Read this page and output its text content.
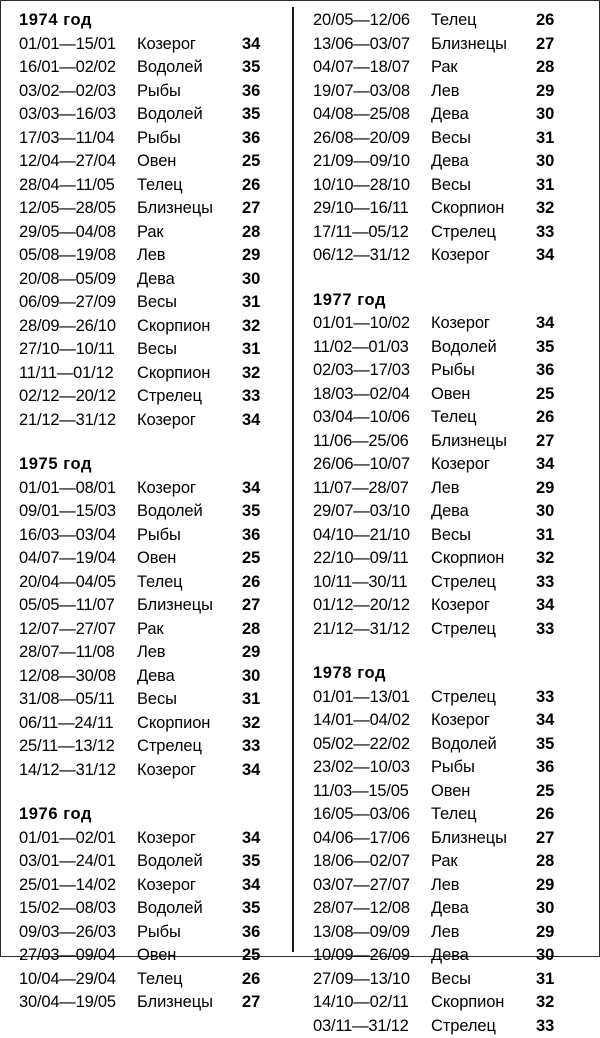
1974 год
01/01—15/01	Козерог	34
16/01—02/02	Водолей	35
03/02—02/03	Рыбы	36
03/03—16/03	Водолей	35
17/03—11/04	Рыбы	36
12/04—27/04	Овен	25
28/04—11/05	Телец	26
12/05—28/05	Близнецы	27
29/05—04/08	Рак	28
05/08—19/08	Лев	29
20/08—05/09	Дева	30
06/09—27/09	Весы	31
28/09—26/10	Скорпион	32
27/10—10/11	Весы	31
11/11—01/12	Скорпион	32
02/12—20/12	Стрелец	33
21/12—31/12	Козерог	34
1975 год
01/01—08/01	Козерог	34
09/01—15/03	Водолей	35
16/03—03/04	Рыбы	36
04/07—19/04	Овен	25
20/04—04/05	Телец	26
05/05—11/07	Близнецы	27
12/07—27/07	Рак	28
28/07—11/08	Лев	29
12/08—30/08	Дева	30
31/08—05/11	Весы	31
06/11—24/11	Скорпион	32
25/11—13/12	Стрелец	33
14/12—31/12	Козерог	34
1976 год
01/01—02/01	Козерог	34
03/01—24/01	Водолей	35
25/01—14/02	Козерог	34
15/02—08/03	Водолей	35
09/03—26/03	Рыбы	36
27/03—09/04	Овен	25
10/04—29/04	Телец	26
30/04—19/05	Близнецы	27
20/05—12/06	Телец	26
13/06—03/07	Близнецы	27
04/07—18/07	Рак	28
19/07—03/08	Лев	29
04/08—25/08	Дева	30
26/08—20/09	Весы	31
21/09—09/10	Дева	30
10/10—28/10	Весы	31
29/10—16/11	Скорпион	32
17/11—05/12	Стрелец	33
06/12—31/12	Козерог	34
1977 год
01/01—10/02	Козерог	34
11/02—01/03	Водолей	35
02/03—17/03	Рыбы	36
18/03—02/04	Овен	25
03/04—10/06	Телец	26
11/06—25/06	Близнецы	27
26/06—10/07	Козерог	34
11/07—28/07	Лев	29
29/07—03/10	Дева	30
04/10—21/10	Весы	31
22/10—09/11	Скорпион	32
10/11—30/11	Стрелец	33
01/12—20/12	Козерог	34
21/12—31/12	Стрелец	33
1978 год
01/01—13/01	Стрелец	33
14/01—04/02	Козерог	34
05/02—22/02	Водолей	35
23/02—10/03	Рыбы	36
11/03—15/05	Овен	25
16/05—03/06	Телец	26
04/06—17/06	Близнецы	27
18/06—02/07	Рак	28
03/07—27/07	Лев	29
28/07—12/08	Дева	30
13/08—09/09	Лев	29
10/09—26/09	Дева	30
27/09—13/10	Весы	31
14/10—02/11	Скорпион	32
03/11—31/12	Стрелец	33
